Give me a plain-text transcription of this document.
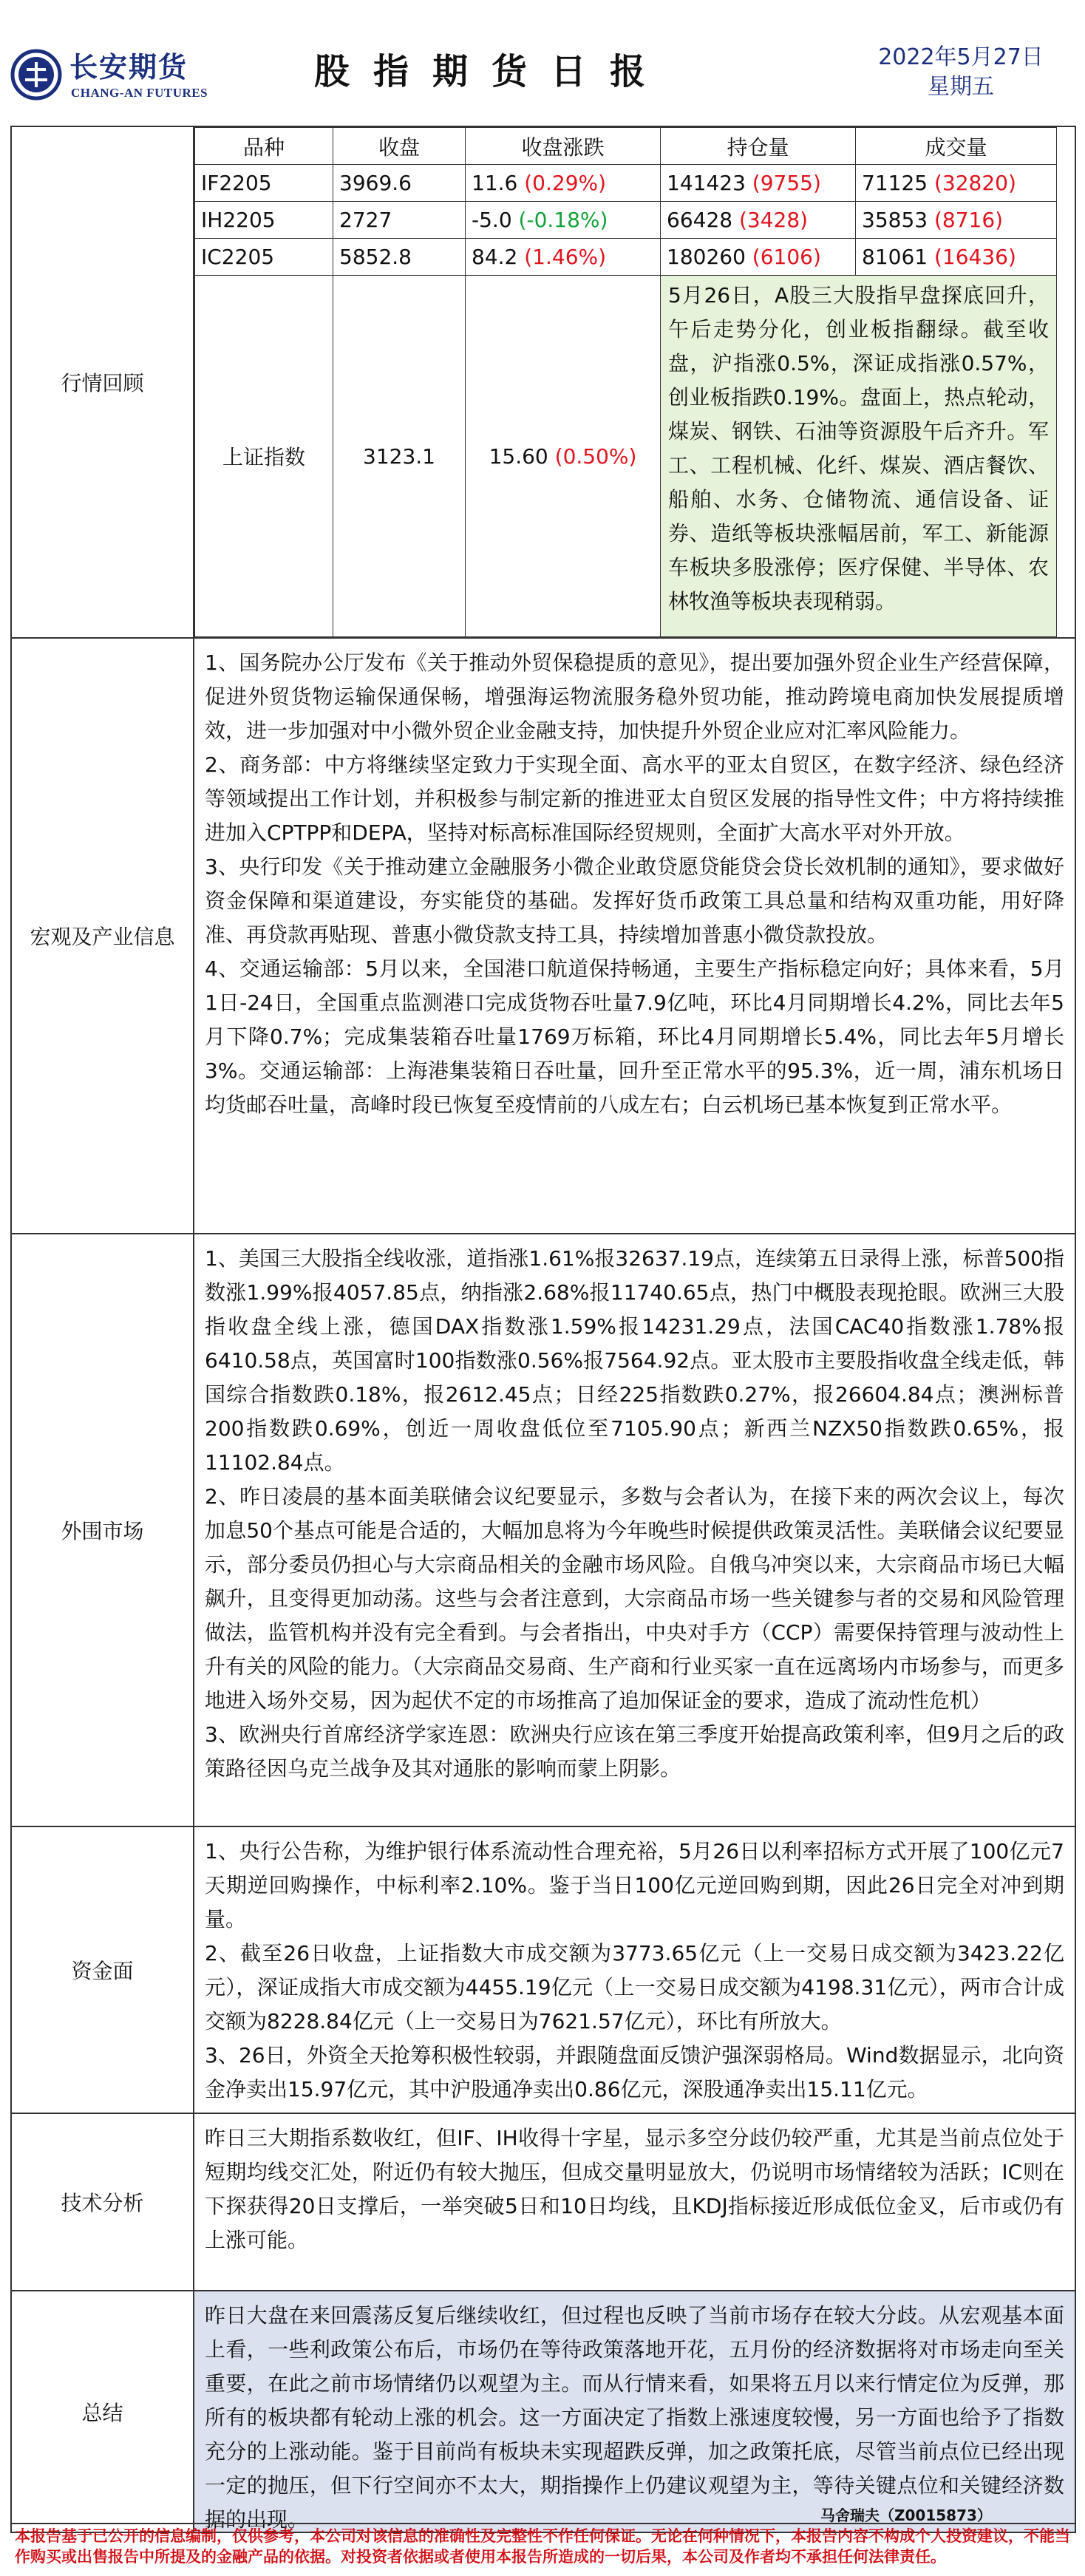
长安期货
CHANG-AN FUTURES
股指期货日报	2022年5月27日
星期五
行情回顾
品种	收盘	收盘涨跌	持仓量	成交量
IF2205	3969.6	11.6 (0.29%)	141423 (9755)	71125 (32820)
IH2205	2727	-5.0 (-0.18%)	66428 (3428)	35853 (8716)
IC2205	5852.8	84.2 (1.46%)	180260 (6106)	81061 (16436)
上证指数	3123.1	15.60 (0.50%)	5月26日，A股三大股指早盘探底回升，午后走势分化，创业板指翻绿。截至收盘，沪指涨0.5%，深证成指涨0.57%，创业板指跌0.19%。盘面上，热点轮动，煤炭、钢铁、石油等资源股午后齐升。军工、工程机械、化纤、煤炭、酒店餐饮、船舶、水务、仓储物流、通信设备、证券、造纸等板块涨幅居前，军工、新能源车板块多股涨停；医疗保健、半导体、农林牧渔等板块表现稍弱。	
宏观及产业信息
1、国务院办公厅发布《关于推动外贸保稳提质的意见》，提出要加强外贸企业生产经营保障，促进外贸货物运输保通保畅，增强海运物流服务稳外贸功能，推动跨境电商加快发展提质增效，进一步加强对中小微外贸企业金融支持，加快提升外贸企业应对汇率风险能力。
2、商务部：中方将继续坚定致力于实现全面、高水平的亚太自贸区，在数字经济、绿色经济等领域提出工作计划，并积极参与制定新的推进亚太自贸区发展的指导性文件；中方将持续推进加入CPTPP和DEPA，坚持对标高标准国际经贸规则，全面扩大高水平对外开放。
3、央行印发《关于推动建立金融服务小微企业敢贷愿贷能贷会贷长效机制的通知》，要求做好资金保障和渠道建设，夯实能贷的基础。发挥好货币政策工具总量和结构双重功能，用好降准、再贷款再贴现、普惠小微贷款支持工具，持续增加普惠小微贷款投放。
4、交通运输部：5月以来，全国港口航道保持畅通，主要生产指标稳定向好；具体来看，5月1日-24日，全国重点监测港口完成货物吞吐量7.9亿吨，环比4月同期增长4.2%，同比去年5月下降0.7%；完成集装箱吞吐量1769万标箱，环比4月同期增长5.4%，同比去年5月增长3%。交通运输部：上海港集装箱日吞吐量，回升至正常水平的95.3%，近一周，浦东机场日均货邮吞吐量，高峰时段已恢复至疫情前的八成左右；白云机场已基本恢复到正常水平。
外围市场
1、美国三大股指全线收涨，道指涨1.61%报32637.19点，连续第五日录得上涨，标普500指数涨1.99%报4057.85点，纳指涨2.68%报11740.65点，热门中概股表现抢眼。欧洲三大股指收盘全线上涨，德国DAX指数涨1.59%报14231.29点，法国CAC40指数涨1.78%报6410.58点，英国富时100指数涨0.56%报7564.92点。亚太股市主要股指收盘全线走低，韩国综合指数跌0.18%，报2612.45点；日经225指数跌0.27%，报26604.84点；澳洲标普200指数跌0.69%，创近一周收盘低位至7105.90点；新西兰NZX50指数跌0.65%，报11102.84点。
2、昨日凌晨的基本面美联储会议纪要显示，多数与会者认为，在接下来的两次会议上，每次加息50个基点可能是合适的，大幅加息将为今年晚些时候提供政策灵活性。美联储会议纪要显示，部分委员仍担心与大宗商品相关的金融市场风险。自俄乌冲突以来，大宗商品市场已大幅飙升，且变得更加动荡。这些与会者注意到，大宗商品市场一些关键参与者的交易和风险管理做法，监管机构并没有完全看到。与会者指出，中央对手方（CCP）需要保持管理与波动性上升有关的风险的能力。（大宗商品交易商、生产商和行业买家一直在远离场内市场参与，而更多地进入场外交易，因为起伏不定的市场推高了追加保证金的要求，造成了流动性危机）
3、欧洲央行首席经济学家连恩：欧洲央行应该在第三季度开始提高政策利率，但9月之后的政策路径因乌克兰战争及其对通胀的影响而蒙上阴影。
资金面
1、央行公告称，为维护银行体系流动性合理充裕，5月26日以利率招标方式开展了100亿元7天期逆回购操作，中标利率2.10%。鉴于当日100亿元逆回购到期，因此26日完全对冲到期量。
2、截至26日收盘，上证指数大市成交额为3773.65亿元（上一交易日成交额为3423.22亿元），深证成指大市成交额为4455.19亿元（上一交易日成交额为4198.31亿元），两市合计成交额为8228.84亿元（上一交易日为7621.57亿元），环比有所放大。
3、26日，外资全天抢筹积极性较弱，并跟随盘面反馈沪强深弱格局。Wind数据显示，北向资金净卖出15.97亿元，其中沪股通净卖出0.86亿元，深股通净卖出15.11亿元。
技术分析
昨日三大期指系数收红，但IF、IH收得十字星，显示多空分歧仍较严重，尤其是当前点位处于短期均线交汇处，附近仍有较大抛压，但成交量明显放大，仍说明市场情绪较为活跃；IC则在下探获得20日支撑后，一举突破5日和10日均线，且KDJ指标接近形成低位金叉，后市或仍有上涨可能。
总结
昨日大盘在来回震荡反复后继续收红，但过程也反映了当前市场存在较大分歧。从宏观基本面上看，一些利政策公布后，市场仍在等待政策落地开花，五月份的经济数据将对市场走向至关重要，在此之前市场情绪仍以观望为主。而从行情来看，如果将五月以来行情定位为反弹，那所有的板块都有轮动上涨的机会。这一方面决定了指数上涨速度较慢，另一方面也给予了指数充分的上涨动能。鉴于目前尚有板块未实现超跌反弹，加之政策托底，尽管当前点位已经出现一定的抛压，但下行空间亦不太大，期指操作上仍建议观望为主，等待关键点位和关键经济数据的出现。	马舍瑞夫（Z0015873）
本报告基于已公开的信息编制，仅供参考，本公司对该信息的准确性及完整性不作任何保证。无论在何种情况下，本报告内容不构成个人投资建议，不能当作购买或出售报告中所提及的金融产品的依据。对投资者依据或者使用本报告所造成的一切后果，本公司及作者均不承担任何法律责任。
